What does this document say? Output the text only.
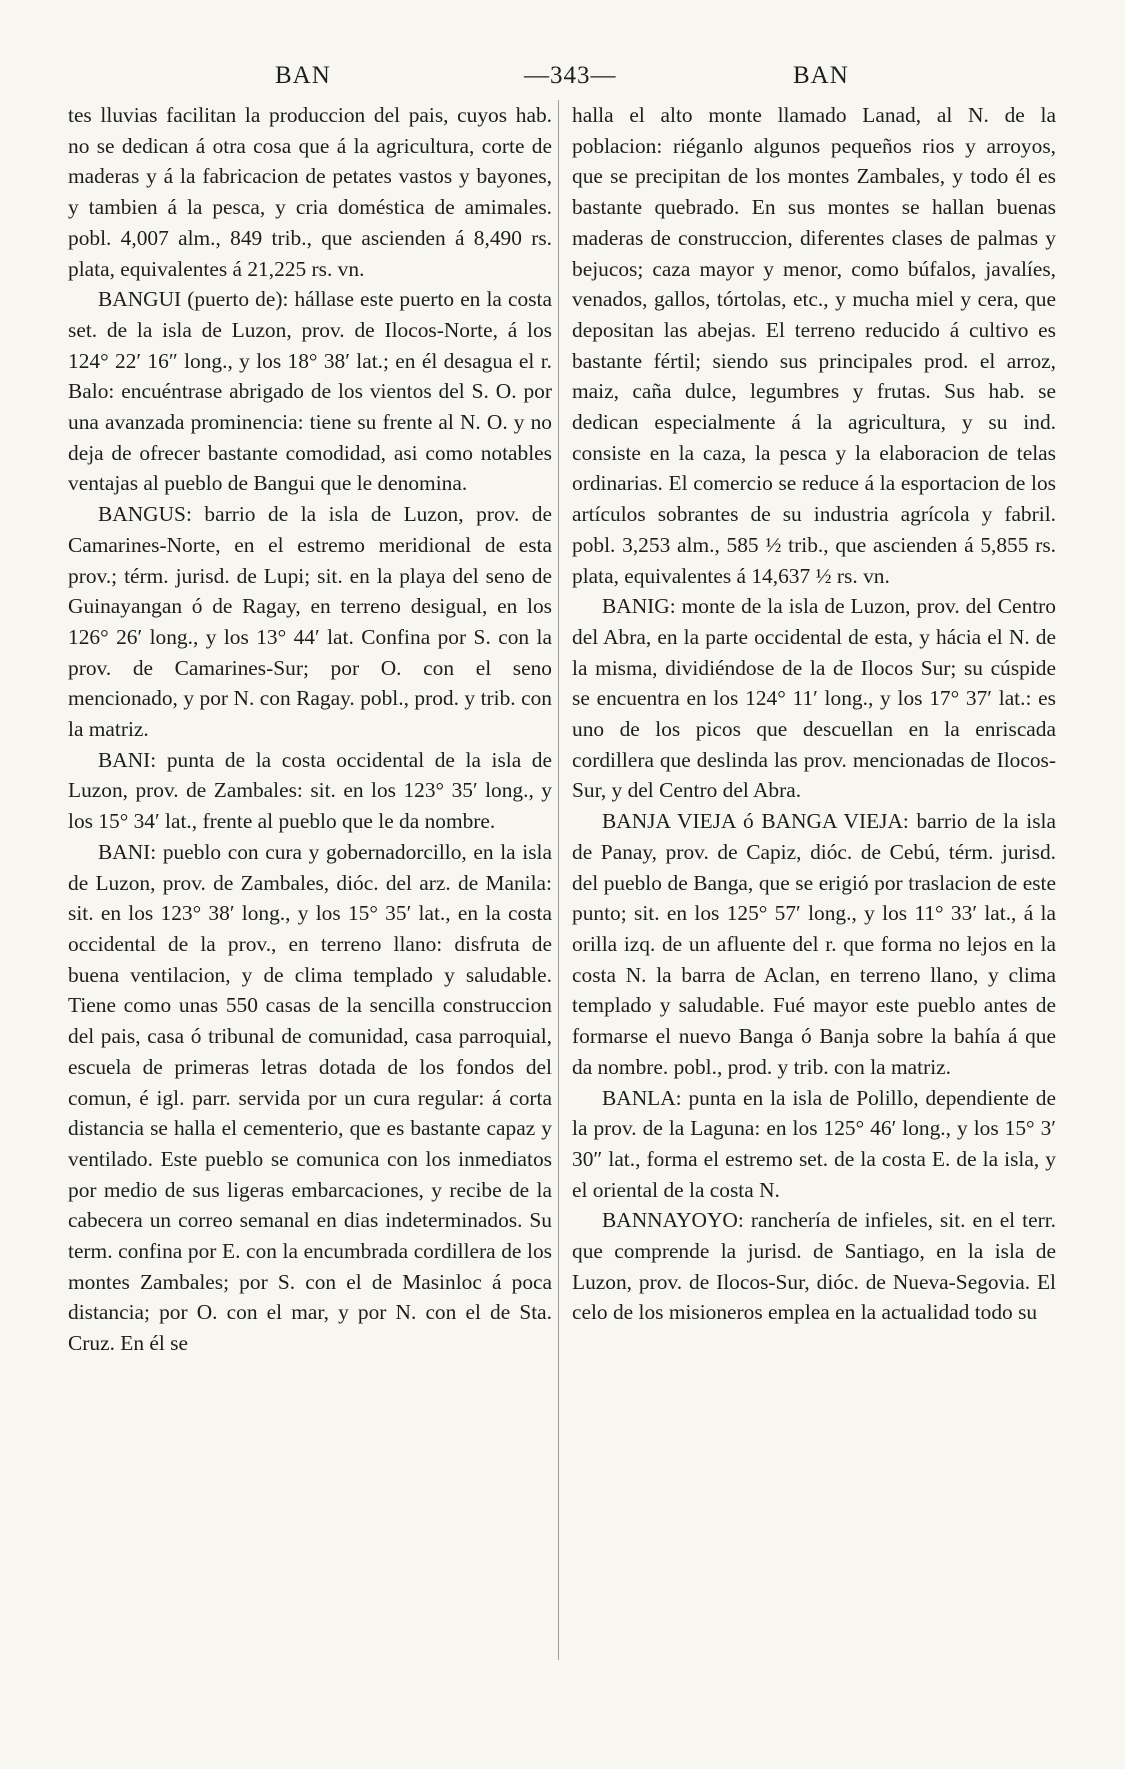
BAN	—343—	BAN

tes lluvias facilitan la produccion del pais, cuyos hab. no se dedican á otra cosa que á la agricultura, corte de maderas y á la fabricacion de petates vastos y bayones, y tambien á la pesca, y cria doméstica de amimales. pobl. 4,007 alm., 849 trib., que ascienden á 8,490 rs. plata, equivalentes á 21,225 rs. vn.

BANGUI (puerto de): hállase este puerto en la costa set. de la isla de Luzon, prov. de Ilocos-Norte, á los 124° 22′ 16″ long., y los 18° 38′ lat.; en él desagua el r. Balo: encuéntrase abrigado de los vientos del S. O. por una avanzada prominencia: tiene su frente al N. O. y no deja de ofrecer bastante comodidad, asi como notables ventajas al pueblo de Bangui que le denomina.

BANGUS: barrio de la isla de Luzon, prov. de Camarines-Norte, en el estremo meridional de esta prov.; térm. jurisd. de Lupi; sit. en la playa del seno de Guinayangan ó de Ragay, en terreno desigual, en los 126° 26′ long., y los 13° 44′ lat. Confina por S. con la prov. de Camarines-Sur; por O. con el seno mencionado, y por N. con Ragay. pobl., prod. y trib. con la matriz.

BANI: punta de la costa occidental de la isla de Luzon, prov. de Zambales: sit. en los 123° 35′ long., y los 15° 34′ lat., frente al pueblo que le da nombre.

BANI: pueblo con cura y gobernadorcillo, en la isla de Luzon, prov. de Zambales, dióc. del arz. de Manila: sit. en los 123° 38′ long., y los 15° 35′ lat., en la costa occidental de la prov., en terreno llano: disfruta de buena ventilacion, y de clima templado y saludable. Tiene como unas 550 casas de la sencilla construccion del pais, casa ó tribunal de comunidad, casa parroquial, escuela de primeras letras dotada de los fondos del comun, é igl. parr. servida por un cura regular: á corta distancia se halla el cementerio, que es bastante capaz y ventilado. Este pueblo se comunica con los inmediatos por medio de sus ligeras embarcaciones, y recibe de la cabecera un correo semanal en dias indeterminados. Su term. confina por E. con la encumbrada cordillera de los montes Zambales; por S. con el de Masinloc á poca distancia; por O. con el mar, y por N. con el de Sta. Cruz. En él se

halla el alto monte llamado Lanad, al N. de la poblacion: riéganlo algunos pequeños rios y arroyos, que se precipitan de los montes Zambales, y todo él es bastante quebrado. En sus montes se hallan buenas maderas de construccion, diferentes clases de palmas y bejucos; caza mayor y menor, como búfalos, javalíes, venados, gallos, tórtolas, etc., y mucha miel y cera, que depositan las abejas. El terreno reducido á cultivo es bastante fértil; siendo sus principales prod. el arroz, maiz, caña dulce, legumbres y frutas. Sus hab. se dedican especialmente á la agricultura, y su ind. consiste en la caza, la pesca y la elaboracion de telas ordinarias. El comercio se reduce á la esportacion de los artículos sobrantes de su industria agrícola y fabril. pobl. 3,253 alm., 585 ½ trib., que ascienden á 5,855 rs. plata, equivalentes á 14,637 ½ rs. vn.

BANIG: monte de la isla de Luzon, prov. del Centro del Abra, en la parte occidental de esta, y hácia el N. de la misma, dividiéndose de la de Ilocos Sur; su cúspide se encuentra en los 124° 11′ long., y los 17° 37′ lat.: es uno de los picos que descuellan en la enriscada cordillera que deslinda las prov. mencionadas de Ilocos-Sur, y del Centro del Abra.

BANJA VIEJA ó BANGA VIEJA: barrio de la isla de Panay, prov. de Capiz, dióc. de Cebú, térm. jurisd. del pueblo de Banga, que se erigió por traslacion de este punto; sit. en los 125° 57′ long., y los 11° 33′ lat., á la orilla izq. de un afluente del r. que forma no lejos en la costa N. la barra de Aclan, en terreno llano, y clima templado y saludable. Fué mayor este pueblo antes de formarse el nuevo Banga ó Banja sobre la bahía á que da nombre. pobl., prod. y trib. con la matriz.

BANLA: punta en la isla de Polillo, dependiente de la prov. de la Laguna: en los 125° 46′ long., y los 15° 3′ 30″ lat., forma el estremo set. de la costa E. de la isla, y el oriental de la costa N.

BANNAYOYO: ranchería de infieles, sit. en el terr. que comprende la jurisd. de Santiago, en la isla de Luzon, prov. de Ilocos-Sur, dióc. de Nueva-Segovia. El celo de los misioneros emplea en la actualidad todo su
